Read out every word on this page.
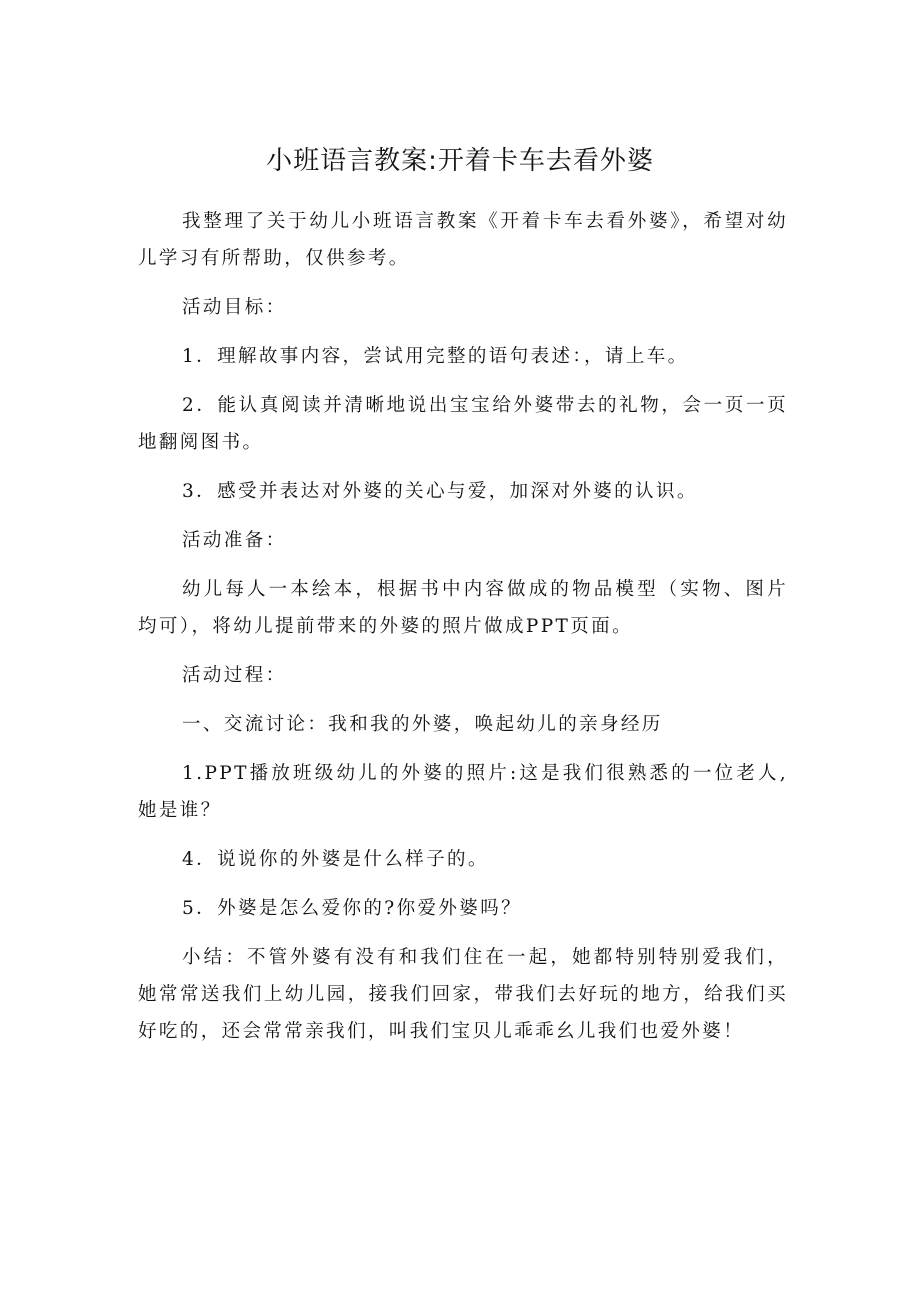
小班语言教案:开着卡车去看外婆

我整理了关于幼儿小班语言教案《开着卡车去看外婆》，希望对幼儿学习有所帮助，仅供参考。

活动目标：

1．理解故事内容，尝试用完整的语句表述：，请上车。

2．能认真阅读并清晰地说出宝宝给外婆带去的礼物，会一页一页地翻阅图书。

3．感受并表达对外婆的关心与爱，加深对外婆的认识。

活动准备：

幼儿每人一本绘本，根据书中内容做成的物品模型（实物、图片均可），将幼儿提前带来的外婆的照片做成PPT页面。

活动过程：

一、交流讨论：我和我的外婆，唤起幼儿的亲身经历

1.PPT播放班级幼儿的外婆的照片:这是我们很熟悉的一位老人,她是谁？

4．说说你的外婆是什么样子的。

5．外婆是怎么爱你的?你爱外婆吗？

小结：不管外婆有没有和我们住在一起，她都特别特别爱我们，她常常送我们上幼儿园，接我们回家，带我们去好玩的地方，给我们买好吃的，还会常常亲我们，叫我们宝贝儿乖乖幺儿我们也爱外婆！
